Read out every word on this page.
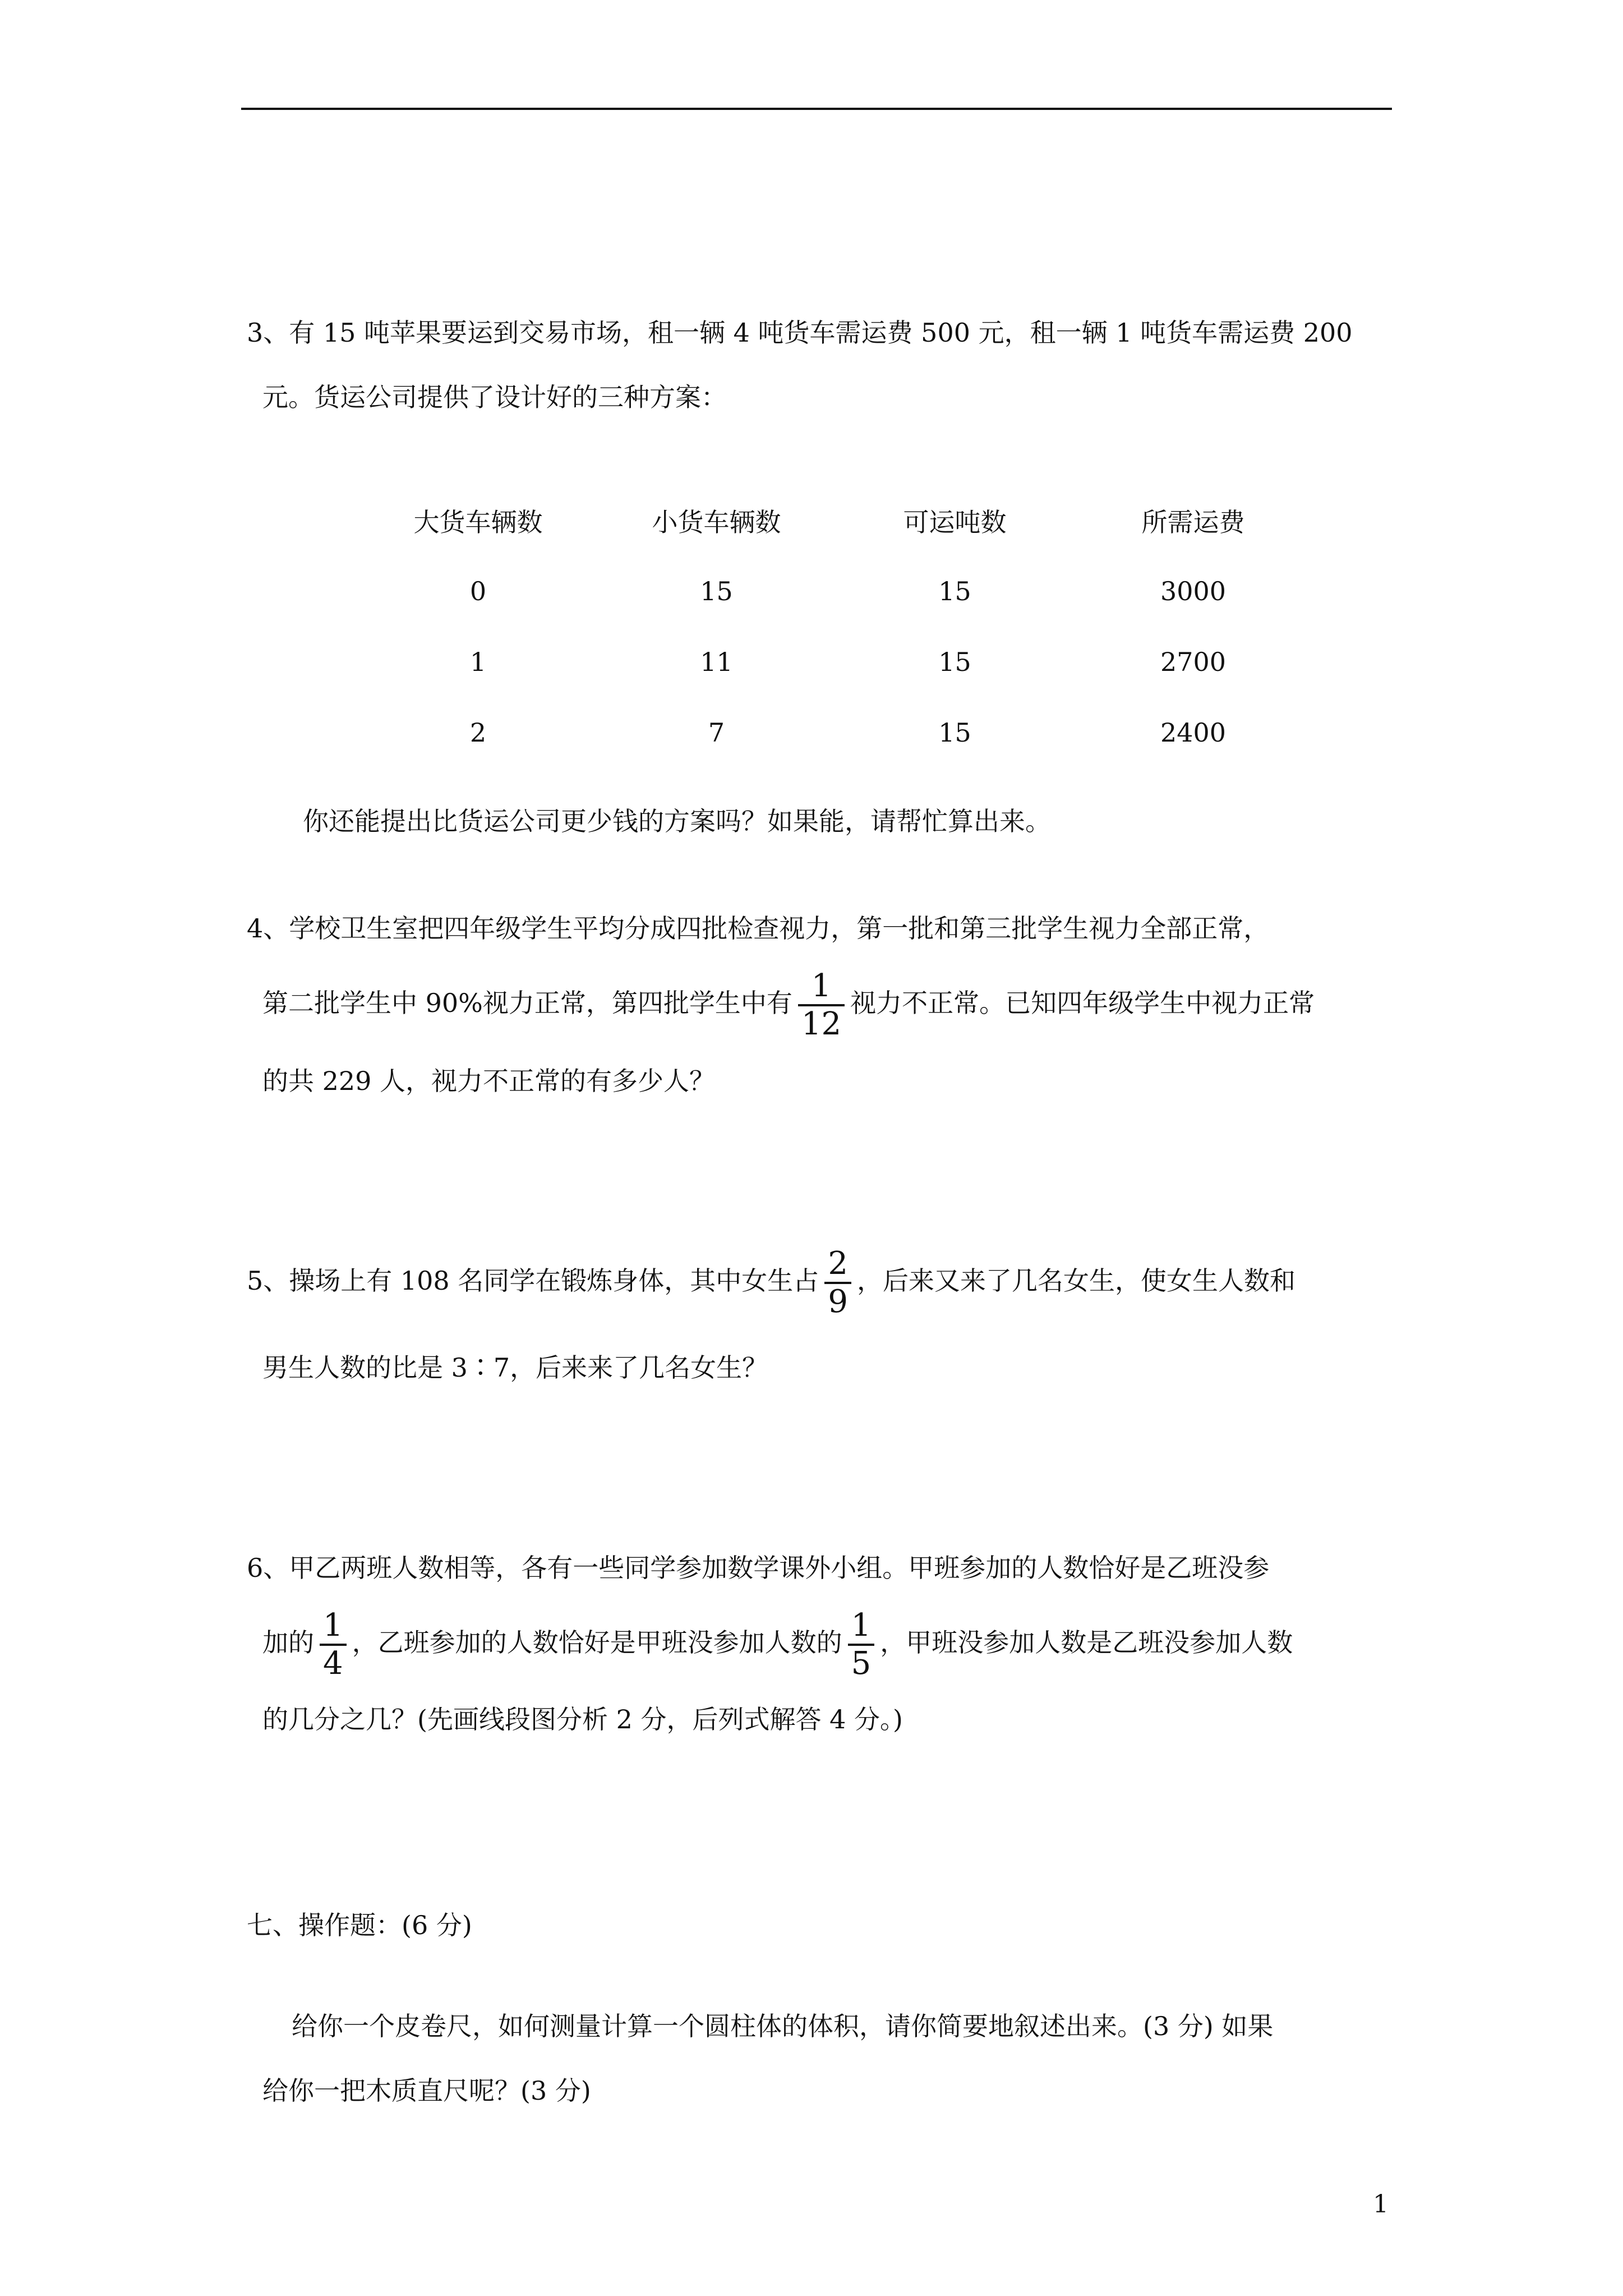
3、有 15 吨苹果要运到交易市场，租一辆 4 吨货车需运费 500 元，租一辆 1 吨货车需运费 200
元。货运公司提供了设计好的三种方案：
大货车辆数	小货车辆数	可运吨数	所需运费
0	15	15	3000
1	11	15	2700
2	7	15	2400
你还能提出比货运公司更少钱的方案吗？如果能，请帮忙算出来。
4、学校卫生室把四年级学生平均分成四批检查视力，第一批和第三批学生视力全部正常，
第二批学生中 90%视力正常，第四批学生中有 $\frac{1}{12}$ 视力不正常。已知四年级学生中视力正常
的共 229 人，视力不正常的有多少人？
5、操场上有 108 名同学在锻炼身体，其中女生占 $\frac{2}{9}$ ，后来又来了几名女生，使女生人数和
男生人数的比是 3∶7，后来来了几名女生？
6、甲乙两班人数相等，各有一些同学参加数学课外小组。甲班参加的人数恰好是乙班没参
加的 $\frac{1}{4}$ ，乙班参加的人数恰好是甲班没参加人数的 $\frac{1}{5}$ ，甲班没参加人数是乙班没参加人数
的几分之几？(先画线段图分析 2 分，后列式解答 4 分。)
七、操作题：(6 分)
给你一个皮卷尺，如何测量计算一个圆柱体的体积，请你简要地叙述出来。(3 分) 如果
给你一把木质直尺呢？(3 分)
1
